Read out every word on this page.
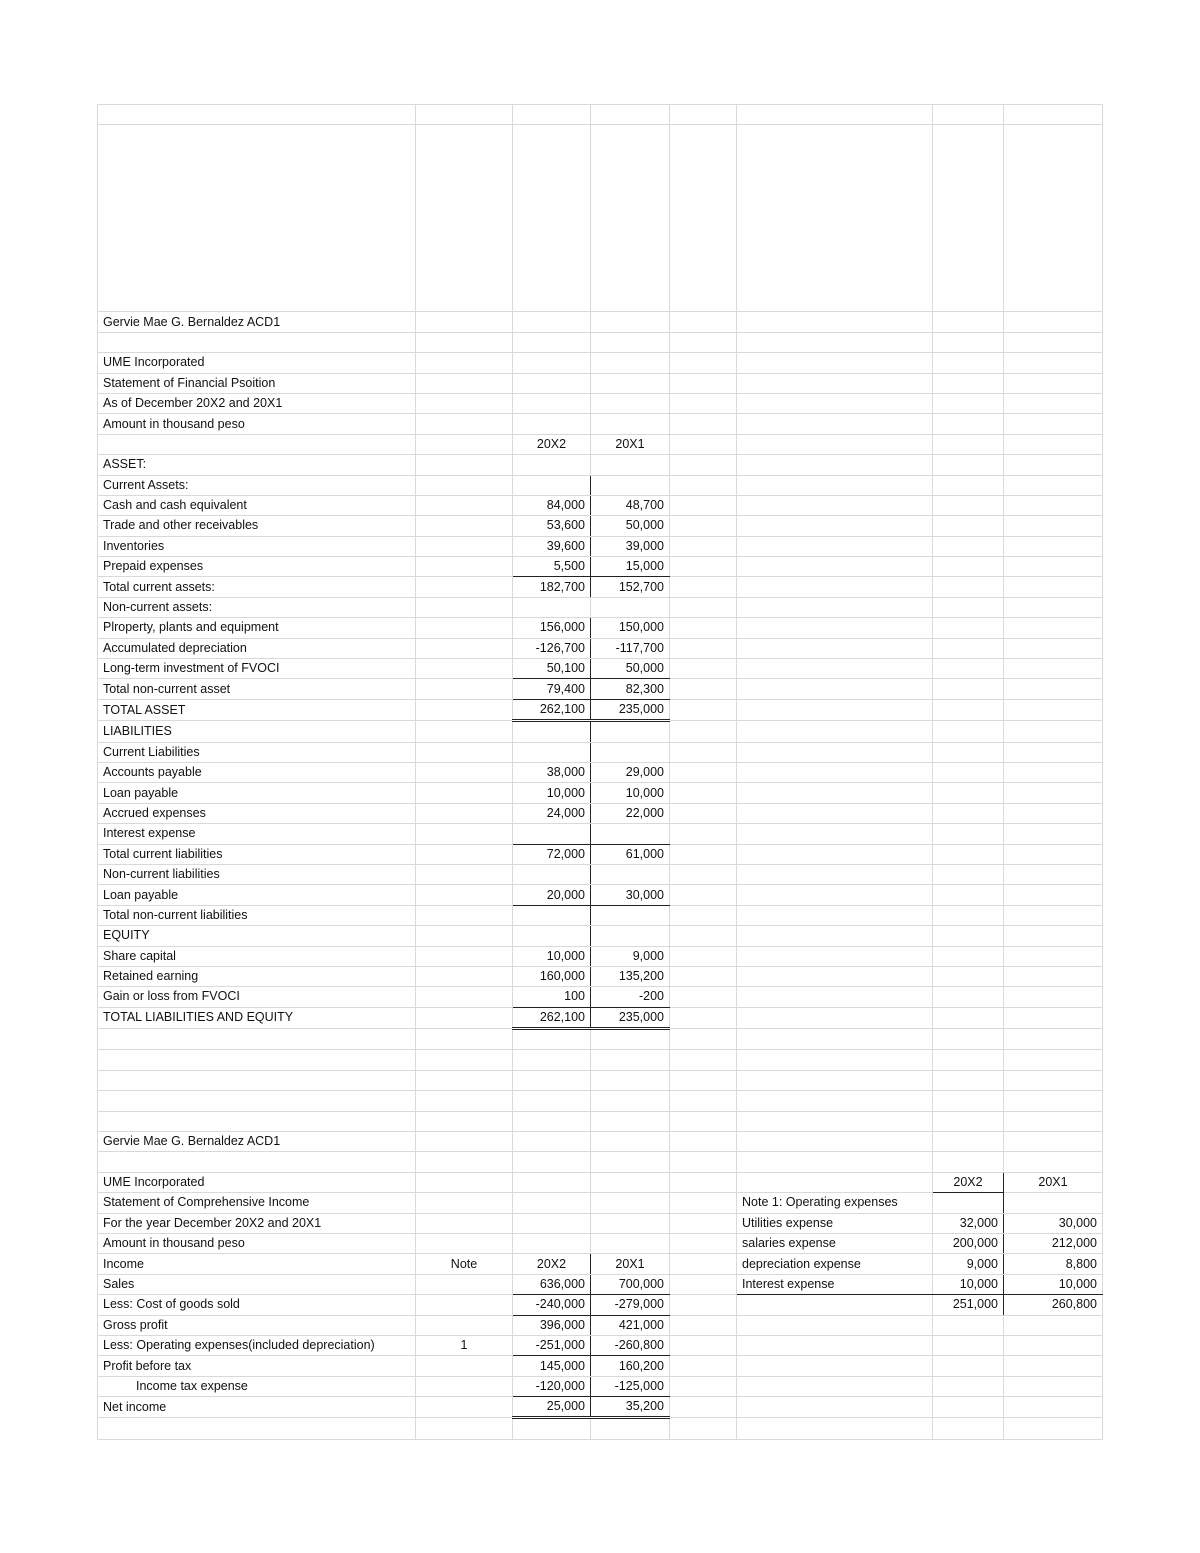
Gervie Mae G. Bernaldez ACD1							

UME Incorporated							
Statement of Financial Psoition							
As of December 20X2 and 20X1							
Amount in thousand peso							
		20X2	20X1				
ASSET:							
Current Assets:							
Cash and cash equivalent		84,000	48,700				
Trade and other receivables		53,600	50,000				
Inventories		39,600	39,000				
Prepaid expenses		5,500	15,000				
Total current assets:		182,700	152,700				
Non-current assets:							
Plroperty, plants and equipment		156,000	150,000				
Accumulated depreciation		-126,700	-117,700				
Long-term investment of FVOCI		50,100	50,000				
Total non-current asset		79,400	82,300				
TOTAL ASSET		262,100	235,000				
LIABILITIES							
Current Liabilities							
Accounts payable		38,000	29,000				
Loan payable		10,000	10,000				
Accrued expenses		24,000	22,000				
Interest expense							
Total current liabilities		72,000	61,000				
Non-current liabilities							
Loan payable		20,000	30,000				
Total non-current liabilities							
EQUITY							
Share capital		10,000	9,000				
Retained earning		160,000	135,200				
Gain or loss from FVOCI		100	-200				
TOTAL LIABILITIES AND EQUITY		262,100	235,000				

Gervie Mae G. Bernaldez ACD1							

UME Incorporated						20X2	20X1
Statement of Comprehensive Income					Note 1: Operating expenses		
For the year December 20X2 and 20X1					Utilities expense	32,000	30,000
Amount in thousand peso					salaries expense	200,000	212,000
Income	Note	20X2	20X1		depreciation expense	9,000	8,800
Sales		636,000	700,000		Interest expense	10,000	10,000
Less: Cost of goods sold		-240,000	-279,000			251,000	260,800
Gross profit		396,000	421,000				
Less: Operating expenses(included depreciation)	1	-251,000	-260,800				
Profit before tax		145,000	160,200				
Income tax expense		-120,000	-125,000				
Net income		25,000	35,200				
